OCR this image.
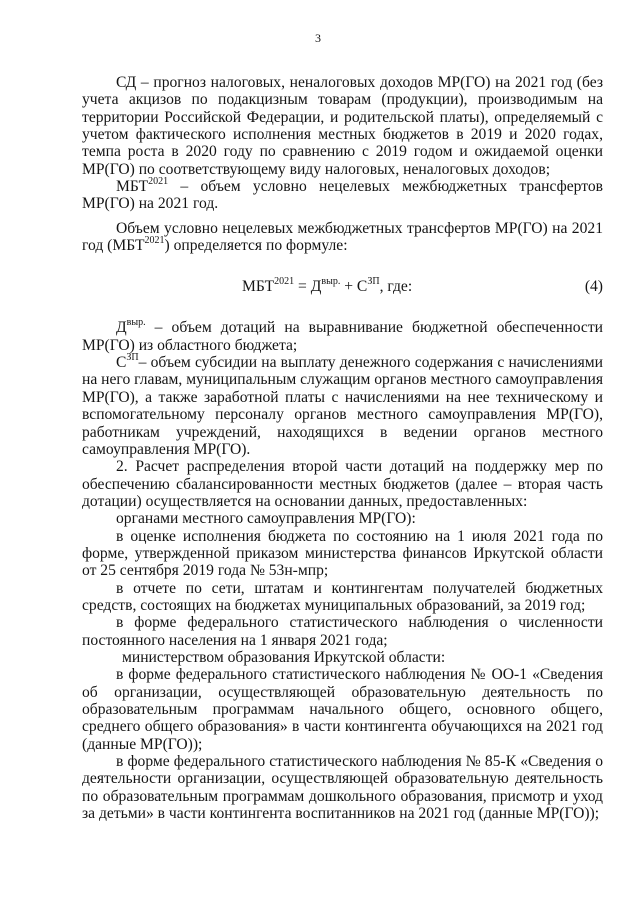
3

СД – прогноз налоговых, неналоговых доходов МР(ГО) на 2021 год (без учета акцизов по подакцизным товарам (продукции), производимым на территории Российской Федерации, и родительской платы), определяемый с учетом фактического исполнения местных бюджетов в 2019 и 2020 годах, темпа роста в 2020 году по сравнению с 2019 годом и ожидаемой оценки МР(ГО) по соответствующему виду налоговых, неналоговых доходов;

$МБТ^{2021}$ – объем условно нецелевых межбюджетных трансфертов МР(ГО) на 2021 год.

Объем условно нецелевых межбюджетных трансфертов МР(ГО) на 2021 год $(МБТ^{2021})$ определяется по формуле:

$МБТ^{2021} = Д^{выр.} + С^{ЗП}$, где:	(4)

$Д^{выр.}$ – объем дотаций на выравнивание бюджетной обеспеченности МР(ГО) из областного бюджета;

$С^{ЗП}-$ объем субсидии на выплату денежного содержания с начислениями на него главам, муниципальным служащим органов местного самоуправления МР(ГО), а также заработной платы с начислениями на нее техническому и вспомогательному персоналу органов местного самоуправления МР(ГО), работникам учреждений, находящихся в ведении органов местного самоуправления МР(ГО).

2. Расчет распределения второй части дотаций на поддержку мер по обеспечению сбалансированности местных бюджетов (далее – вторая часть дотации) осуществляется на основании данных, предоставленных:

органами местного самоуправления МР(ГО):

в оценке исполнения бюджета по состоянию на 1 июля 2021 года по форме, утвержденной приказом министерства финансов Иркутской области от 25 сентября 2019 года № 53н-мпр;

в отчете по сети, штатам и контингентам получателей бюджетных средств, состоящих на бюджетах муниципальных образований, за 2019 год;

в форме федерального статистического наблюдения о численности постоянного населения на 1 января 2021 года;

министерством образования Иркутской области:

в форме федерального статистического наблюдения № ОО-1 «Сведения об организации, осуществляющей образовательную деятельность по образовательным программам начального общего, основного общего, среднего общего образования» в части контингента обучающихся на 2021 год (данные МР(ГО));

в форме федерального статистического наблюдения № 85-К «Сведения о деятельности организации, осуществляющей образовательную деятельность по образовательным программам дошкольного образования, присмотр и уход за детьми» в части контингента воспитанников на 2021 год (данные МР(ГО));
